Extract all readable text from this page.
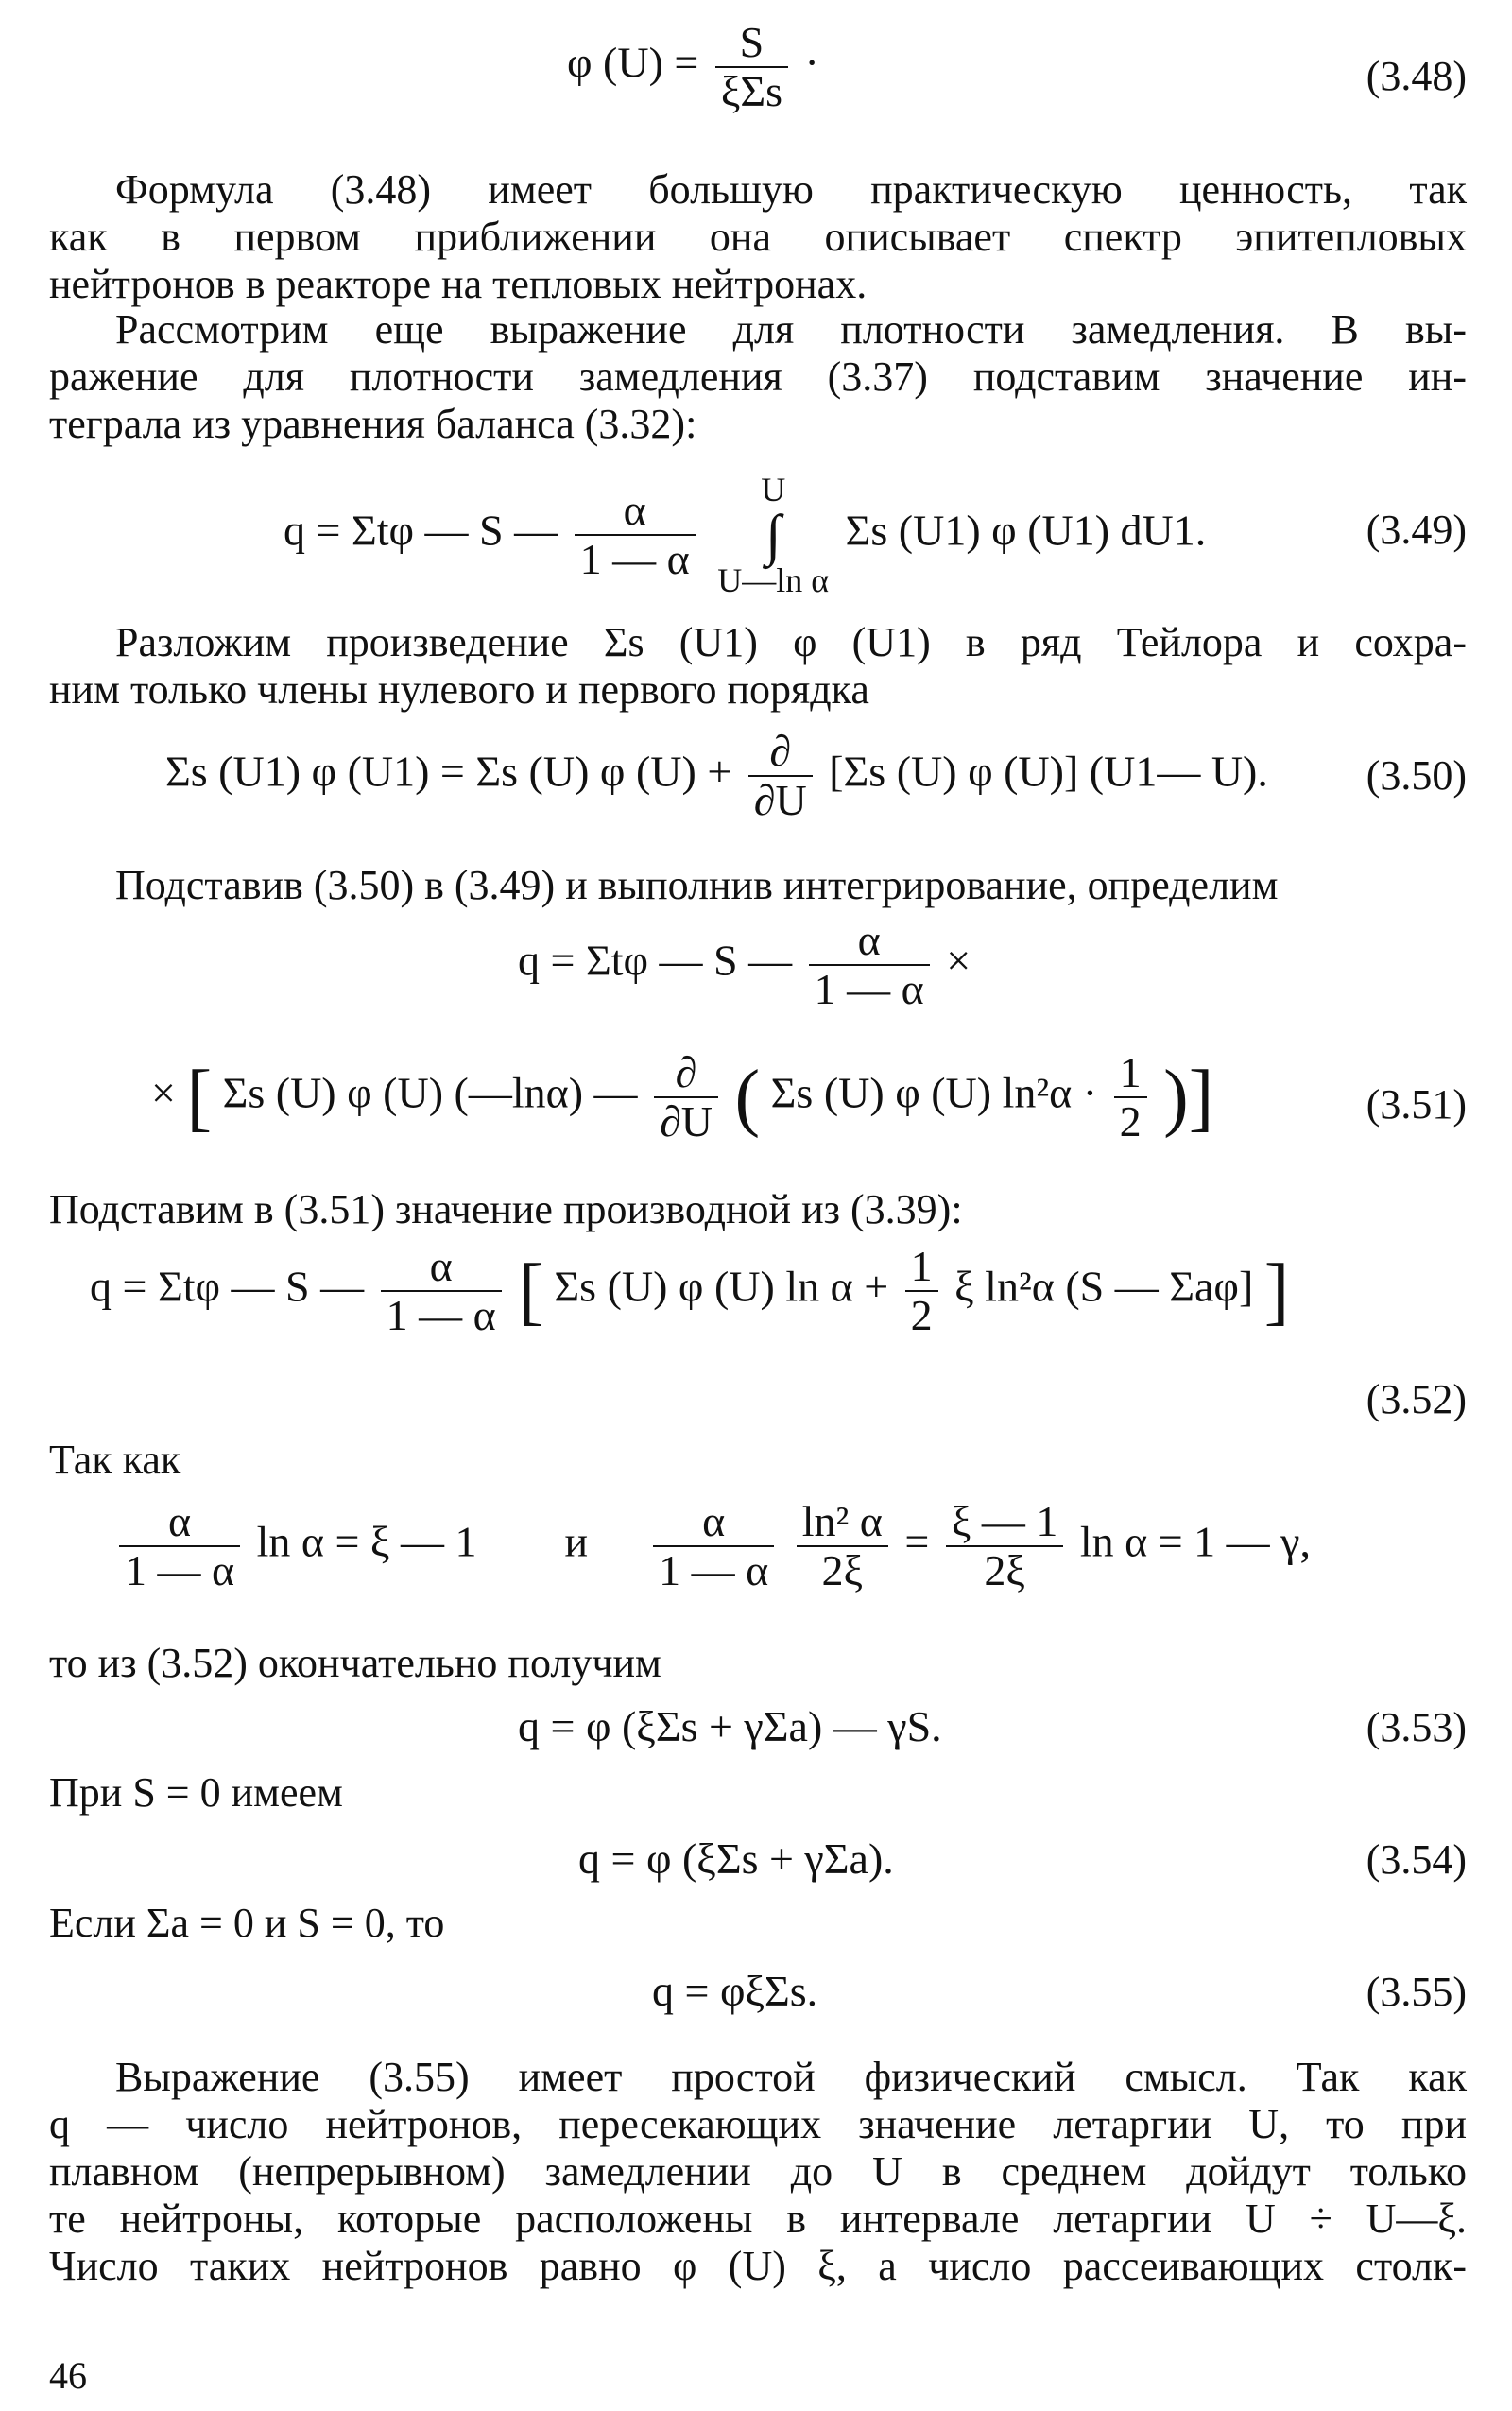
φ $(U) = \frac{S}{\text{ξΣs}}$ ·	(3.48)
Формула (3.48) имеет большую практическую ценность, так
как в первом приближении она описывает спектр эпитепловых
нейтронов в реакторе на тепловых нейтронах.
Рассмотрим еще выражение для плотности замедления. В вы-
ражение для плотности замедления (3.37) подставим значение ин-
теграла из уравнения баланса (3.32):
q = Σtφ — S — $\frac{\alpha}{1 — \alpha}$ U
∫
U—ln α Σs (U1) φ (U1) dU1.	(3.49)
Разложим произведение Σs (U1) φ (U1) в ряд Тейлора и сохра-
ним только члены нулевого и первого порядка
Σs (U1) φ (U1) = Σs (U) φ $(U) + \frac{\partial}{\partial U} [\Sigma s$ (U) φ (U)] (U1— U). (3.50)
Подставив (3.50) в (3.49) и выполнив интегрирование, определим
q = Σtφ — S — $\frac{\alpha}{1 — \alpha}$ ×
× [ Σs (U) φ (U) (—lnα) — $\frac{\partial}{\partial U}$ ( Σs (U) φ (U) $\ln^2\alpha \cdot \frac{1}{2}$ )]	(3.51)
Подставим в (3.51) значение производной из (3.39):
q = Σtφ — S — $\frac{\alpha}{1 — \alpha}$ [ Σs (U) φ (U) $\ln \alpha + \frac{1}{2}$ ξ ln²α (S — Σaφ] ]
(3.52)
Так как
$\frac{\alpha}{1 — \alpha}$ ln α = ξ — 1 и $\frac{\alpha}{1 — \alpha}$
$\frac{\text{ln² α}}{2\xi} = \frac{\xi — 1}{2\xi}$ ln α = 1 — γ,
то из (3.52) окончательно получим
q = φ (ξΣs + γΣa) — γS.	(3.53)
При S = 0 имеем
q = φ (ξΣs + γΣa).	(3.54)
Если Σa = 0 и S = 0, то
q = φξΣs.	(3.55)
Выражение (3.55) имеет простой физический смысл. Так как
q — число нейтронов, пересекающих значение летаргии U, то при
плавном (непрерывном) замедлении до U в среднем дойдут только
те нейтроны, которые расположены в интервале летаргии U ÷ U—ξ.
Число таких нейтронов равно φ (U) ξ, а число рассеивающих столк-
46
